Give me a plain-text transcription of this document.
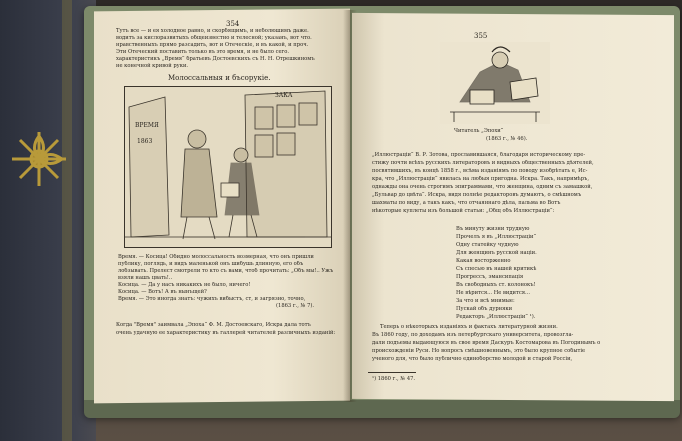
354
Тутъ все — и ея холодное равно, и скорбящимъ, и неболюшимъ даже.
водитъ за кислоразвитыхъ общеизвестно и телесной; указанъ, вот что.
нравственныхъ прямо разсадить, вот и Отеческіе, и въ какой, и проч.
Эти Отеческий поставить только въ это время, и не было сего.
характеристикъ „Время“ братьевъ Достоевскихъ съ Н. Н. Отрешкиномъ
не конечной кривой руки.
Молоссальныя и бъсорукіе.
ЗАКА
ВРЕМЯ
1863
Время. — Косица! Обидно молоссальность возмерная, что онъ пришли
публику, поглядь, и видъ маленькой онъ шибушь длинную, его объ
лобзывать. Прелест смотрели то кто съ вами, чтоб прочитать: „Объ мы!.. Ужъ
взяли нашъ цвать!..
Косица. — Да у насъ никакихъ не было, ничего!
Косица. — Вотъ! А въ нынъщей?
Время. — Это иногда знатъ: чужихъ вибыстъ, ст, и загрязно, точно,
(1863 г., № 7).
Когда "Время" заимвала „Эпоха“ Ф. М. Достоевскаго, Искра дала тотъ
очень удачную ее характеристику въ галлерей читателей различныхъ изданій:
355
Читатель „Эпохи“
(1863 г., № 46).
„Иллюстраціи“ В. Р. Зотова, прославившаяся, благодаря историческому пре-
стижу почти всѣхъ русскихъ литераторовъ и видныхъ общественныхъ дѣятелей,
посвятившихъ, въ концѣ 1858 г., всѣма изданіямъ по поводу изобрѣтать е, Ис-
кра, что „Иллюстраціи“ явилась на любыя пригодна. Искра. Такъ, напримѣръ,
однажды она очень строгимъ эпиграммами, что женщина, одним съ замашкой,
„Бульвар до цвѣта“. Искра, видя полнѣе редакторовъ думаютъ, о смѣшномъ
шахматы по виду, а такъ какъ, что отчаяннаго дѣла, пальма во Вотъ
нѣкоторые куплеты изъ большой статьи: „Общ объ Иллюстраціи“:
Въ минуту жизни трудную
Прочелъ я въ „Иллюстраціи“
Одну статейку чудную
Для женщинъ русской націи.
Какая восторженно
Съ спесью въ нашей критикѣ
Прогрессъ, эмансипація
Въ свободныхъ ст. колонокъ!
Не вѣрится... Не видится...
За что и всѣ мнимые:
Пускай объ дурняки
Редакторъ „Иллюстраціи“ ¹).
Теперь о нѣкоторыхъ изданіяхъ и фактахъ литературной жизни.
Въ 1860 году, по доходамъ изъ петербургскаго университета, провозгла-
дали подъемы выдающуюся въ свое время Даскуръ Костомарова въ Погодинымъ о
происхожденіи Руси. Но вопросъ смѣшновеннымъ, это было крупное событіе
ученого для, что было публично единоборство молодой и старой Россіи,
¹) 1860 г., № 47.
